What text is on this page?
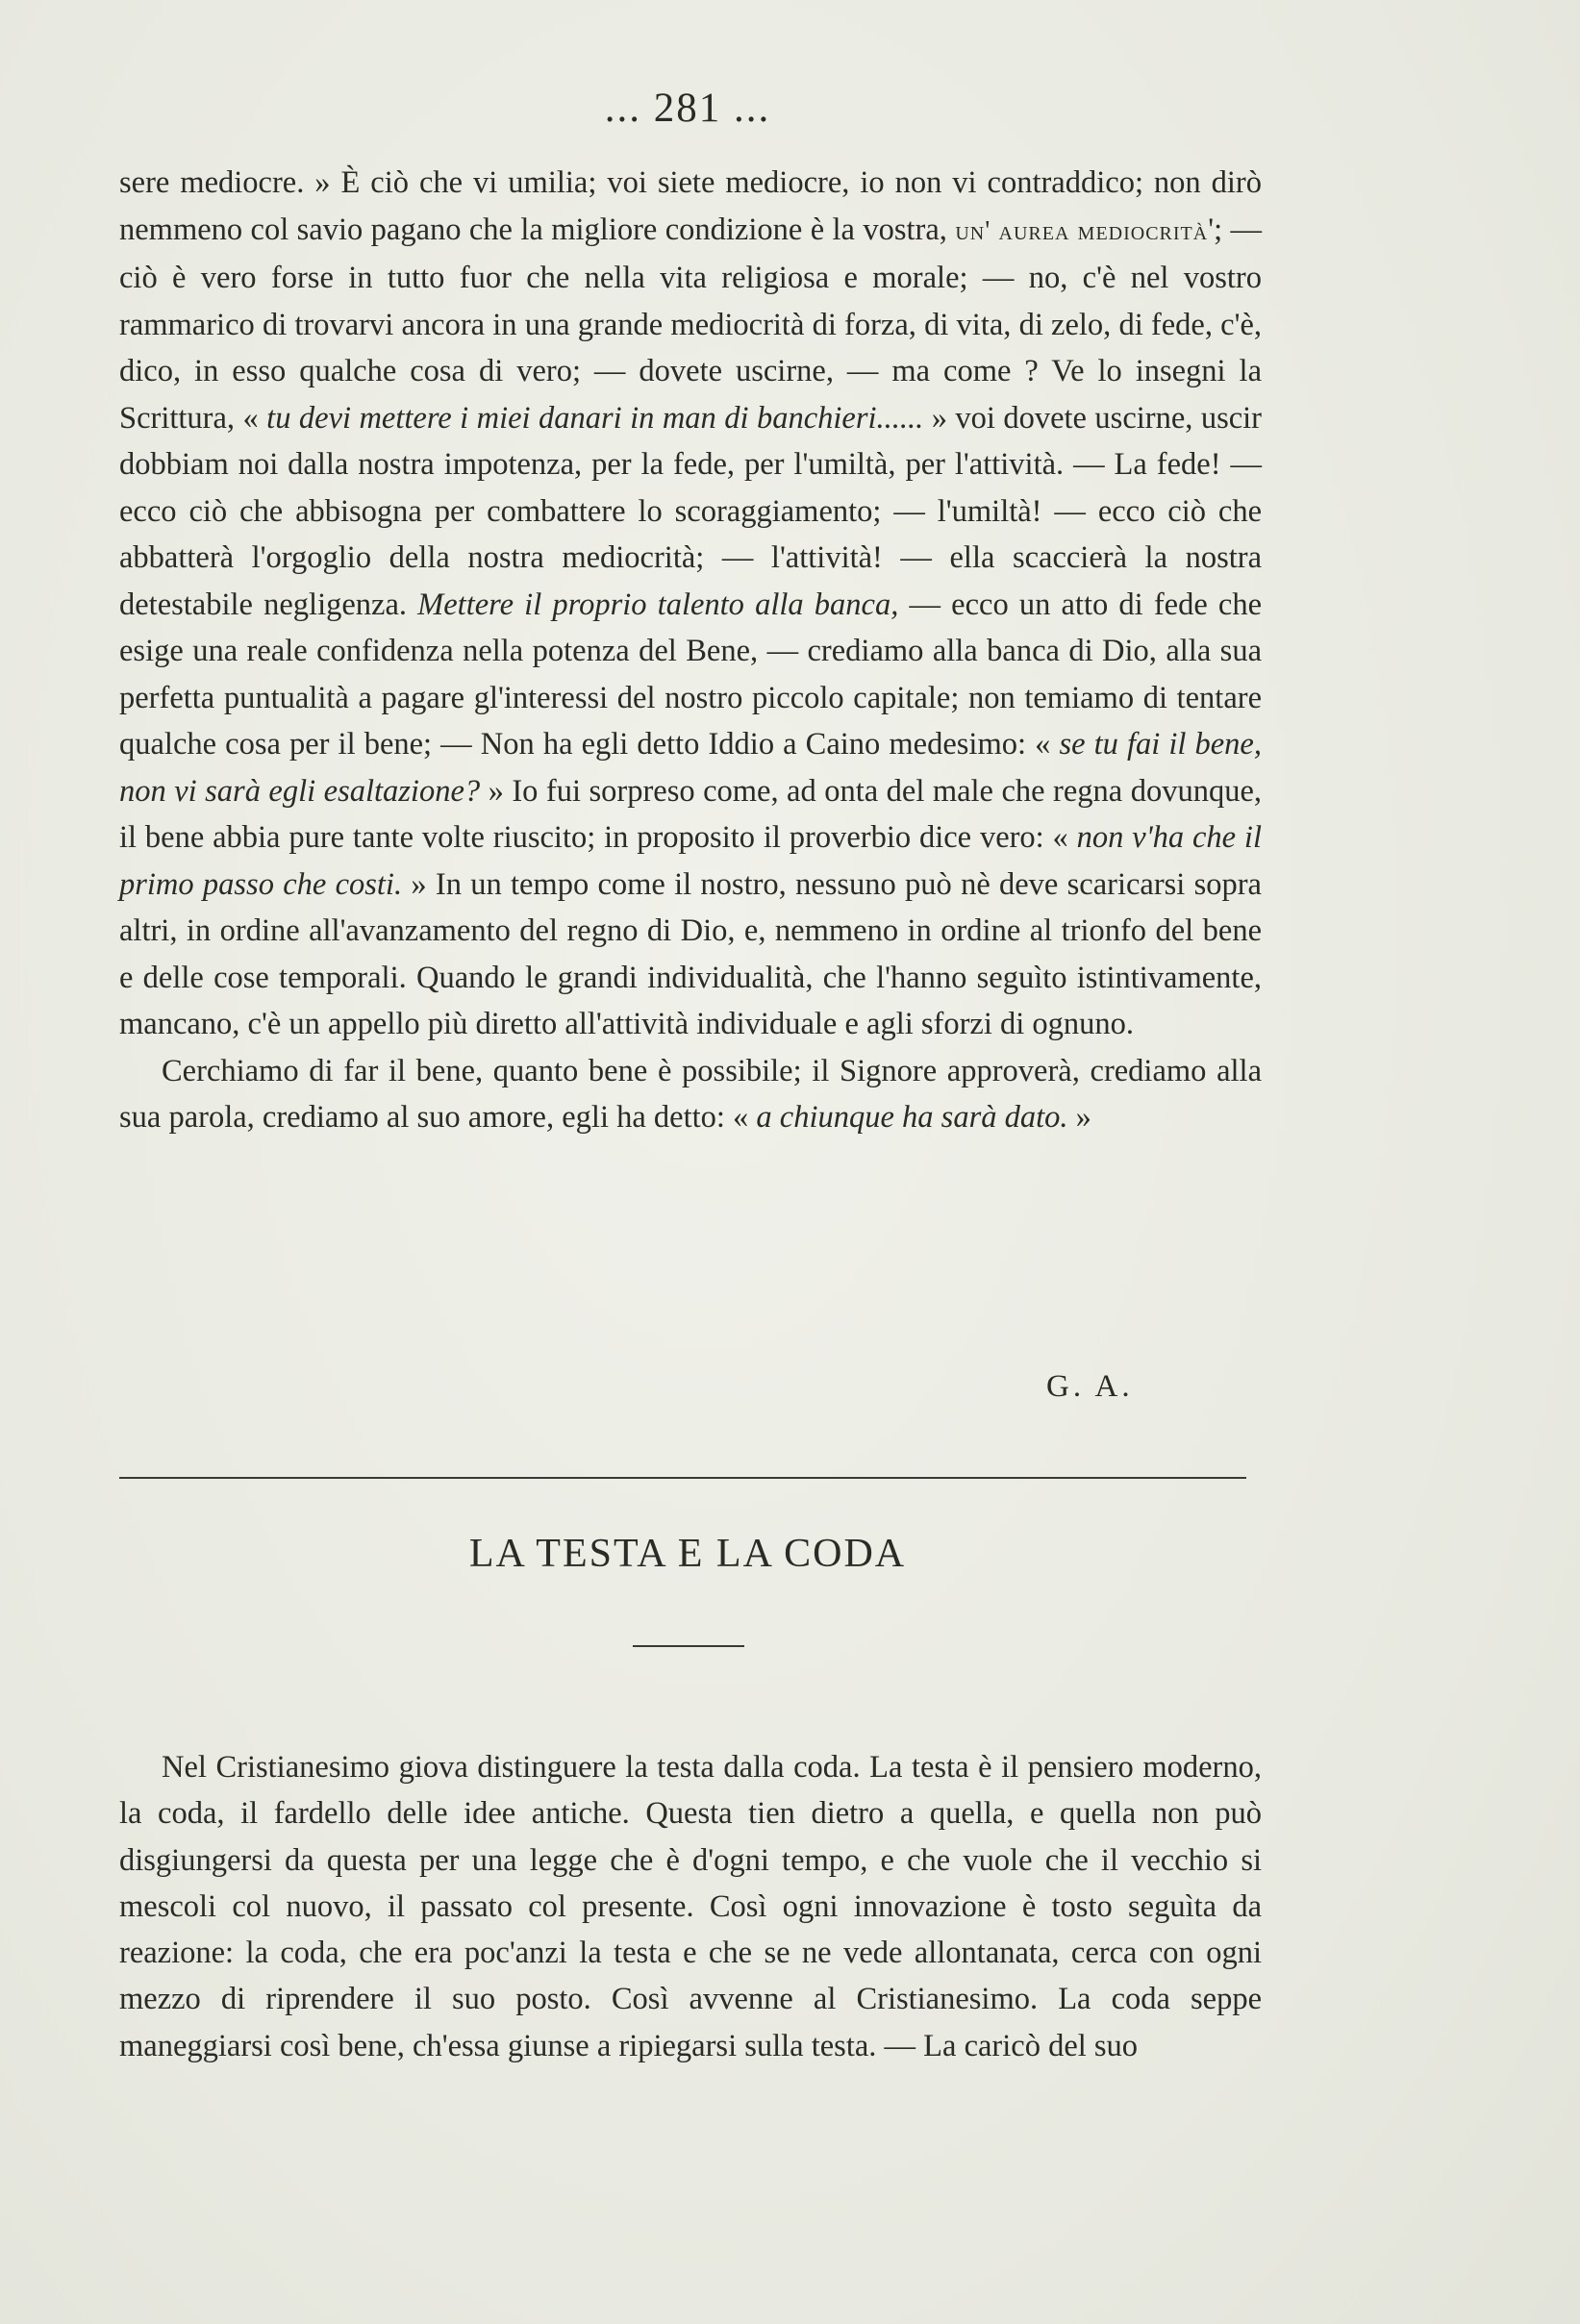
... 281 ...

sere mediocre. » È ciò che vi umilia; voi siete mediocre, io non vi contraddico; non dirò nemmeno col savio pagano che la migliore condizione è la vostra, un' aurea mediocrità'; — ciò è vero forse in tutto fuor che nella vita religiosa e morale; — no, c'è nel vostro rammarico di trovarvi ancora in una grande mediocrità di forza, di vita, di zelo, di fede, c'è, dico, in esso qualche cosa di vero; — dovete uscirne, — ma come ? Ve lo insegni la Scrittura, « tu devi mettere i miei danari in man di banchieri...... » voi dovete uscirne, uscir dobbiam noi dalla nostra impotenza, per la fede, per l'umiltà, per l'attività. — La fede! — ecco ciò che abbisogna per combattere lo scoraggiamento; — l'umiltà! — ecco ciò che abbatterà l'orgoglio della nostra mediocrità; — l'attività! — ella scaccierà la nostra detestabile negligenza. Mettere il proprio talento alla banca, — ecco un atto di fede che esige una reale confidenza nella potenza del Bene, — crediamo alla banca di Dio, alla sua perfetta puntualità a pagare gl'interessi del nostro piccolo capitale; non temiamo di tentare qualche cosa per il bene; — Non ha egli detto Iddio a Caino medesimo: « se tu fai il bene, non vi sarà egli esaltazione? » Io fui sorpreso come, ad onta del male che regna dovunque, il bene abbia pure tante volte riuscito; in proposito il proverbio dice vero: « non v'ha che il primo passo che costi. » In un tempo come il nostro, nessuno può nè deve scaricarsi sopra altri, in ordine all'avanzamento del regno di Dio, e, nemmeno in ordine al trionfo del bene e delle cose temporali. Quando le grandi individualità, che l'hanno seguìto istintivamente, mancano, c'è un appello più diretto all'attività individuale e agli sforzi di ognuno.

Cerchiamo di far il bene, quanto bene è possibile; il Signore approverà, crediamo alla sua parola, crediamo al suo amore, egli ha detto: « a chiunque ha sarà dato. »

G. A.
LA TESTA E LA CODA

Nel Cristianesimo giova distinguere la testa dalla coda. La testa è il pensiero moderno, la coda, il fardello delle idee antiche. Questa tien dietro a quella, e quella non può disgiungersi da questa per una legge che è d'ogni tempo, e che vuole che il vecchio si mescoli col nuovo, il passato col presente. Così ogni innovazione è tosto seguìta da reazione: la coda, che era poc'anzi la testa e che se ne vede allontanata, cerca con ogni mezzo di riprendere il suo posto. Così avvenne al Cristianesimo. La coda seppe maneggiarsi così bene, ch'essa giunse a ripiegarsi sulla testa. — La caricò del suo
